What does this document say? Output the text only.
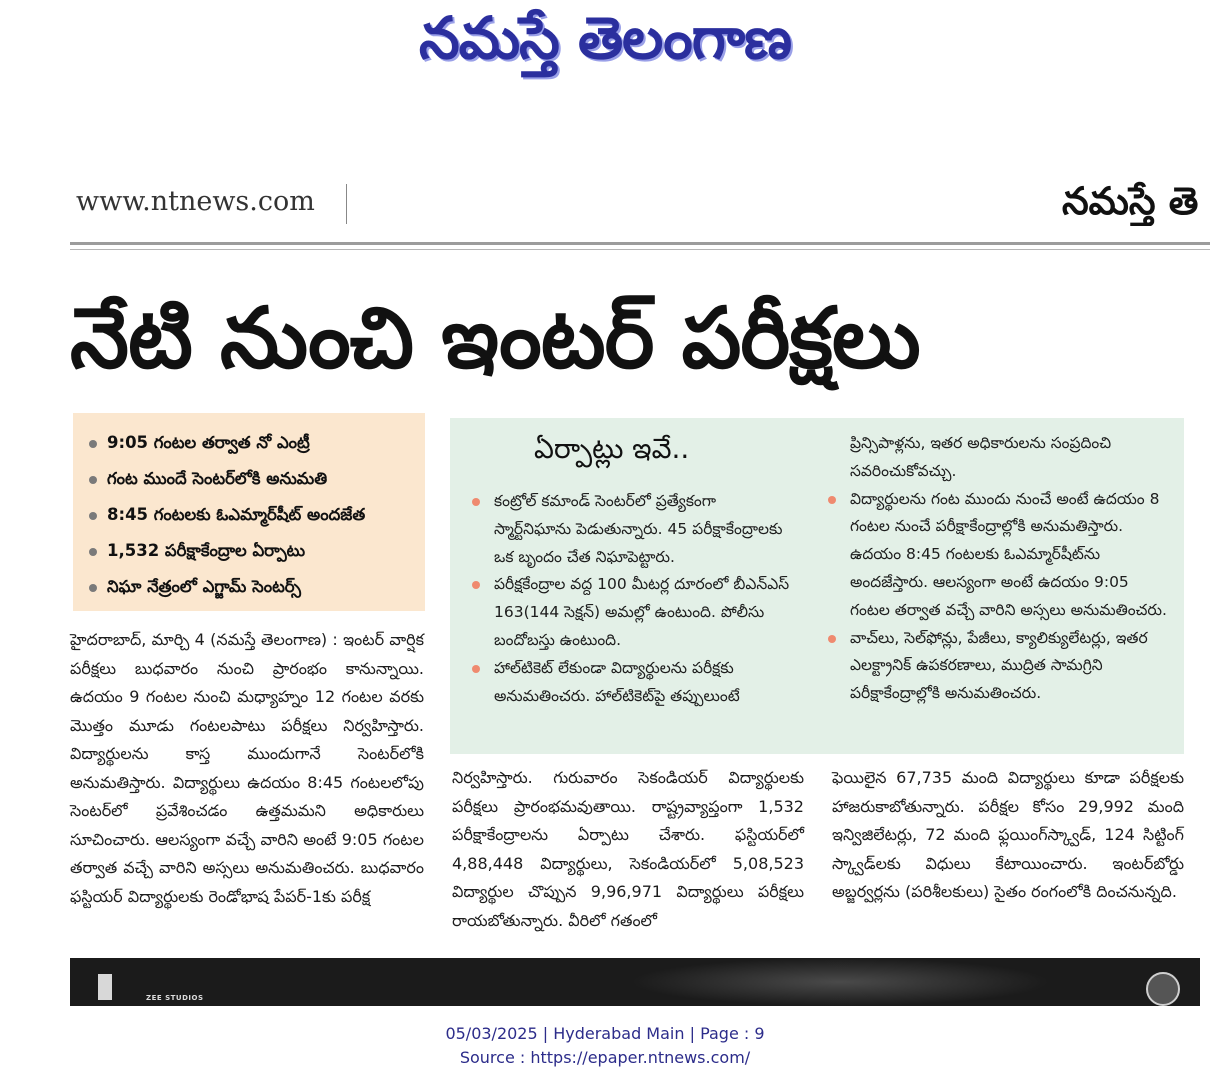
నమస్తే తెలంగాణ
www.ntnews.com	నమస్తే తె
నేటి నుంచి ఇంటర్ పరీక్షలు
9:05 గంటల తర్వాత నో ఎంట్రీ
గంట ముందే సెంటర్‌లోకి అనుమతి
8:45 గంటలకు ఓఎమ్మార్‌షీట్ అందజేత
1,532 పరీక్షాకేంద్రాల ఏర్పాటు
నిఘా నేత్రంలో ఎగ్జామ్ సెంటర్స్
ఏర్పాట్లు ఇవే..

కంట్రోల్ కమాండ్ సెంటర్‌లో ప్రత్యేకంగా స్మార్ట్‌నిఘాను పెడుతున్నారు. 45 పరీక్షాకేంద్రాలకు ఒక బృందం చేత నిఘాపెట్టారు.

పరీక్షకేంద్రాల వద్ద 100 మీటర్ల దూరంలో బీఎన్ఎస్ 163(144 సెక్షన్) అమల్లో ఉంటుంది. పోలీసు బందోబస్తు ఉంటుంది.

హాల్‌టికెట్ లేకుండా విద్యార్థులను పరీక్షకు అనుమతించరు. హాల్‌టికెట్‌పై తప్పులుంటే

ప్రిన్సిపాళ్లను, ఇతర అధికారులను సంప్రదించి సవరించుకోవచ్చు.

విద్యార్థులను గంట ముందు నుంచే అంటే ఉదయం 8 గంటల నుంచే పరీక్షాకేంద్రాల్లోకి అనుమతిస్తారు. ఉదయం 8:45 గంటలకు ఓఎమ్మార్‌షీట్‌ను అందజేస్తారు. ఆలస్యంగా అంటే ఉదయం 9:05 గంటల తర్వాత వచ్చే వారిని అస్సలు అనుమతించరు.

వాచ్‌లు, సెల్‌ఫోన్లు, పేజీలు, క్యాలిక్యులేటర్లు, ఇతర ఎలక్ట్రానిక్ ఉపకరణాలు, ముద్రిత సామగ్రిని పరీక్షాకేంద్రాల్లోకి అనుమతించరు.

హైదరాబాద్, మార్చి 4 (నమస్తే తెలంగాణ) : ఇంటర్ వార్షిక పరీక్షలు బుధవారం నుంచి ప్రారంభం కానున్నాయి. ఉదయం 9 గంటల నుంచి మధ్యాహ్నం 12 గంటల వరకు మొత్తం మూడు గంటలపాటు పరీక్షలు నిర్వహిస్తారు. విద్యార్థులను కాస్త ముందుగానే సెంటర్‌లోకి అనుమతిస్తారు. విద్యార్థులు ఉదయం 8:45 గంటలలోపు సెంటర్‌లో ప్రవేశించడం ఉత్తమమని అధికారులు సూచించారు. ఆలస్యంగా వచ్చే వారిని అంటే 9:05 గంటల తర్వాత వచ్చే వారిని అస్సలు అనుమతించరు. బుధవారం ఫస్టియర్ విద్యార్థులకు రెండోభాష పేపర్-1కు పరీక్ష

నిర్వహిస్తారు. గురువారం సెకండియర్ విద్యార్థులకు పరీక్షలు ప్రారంభమవుతాయి. రాష్ట్రవ్యాప్తంగా 1,532 పరీక్షాకేంద్రాలను ఏర్పాటు చేశారు. ఫస్టియర్‌లో 4,88,448 విద్యార్థులు, సెకండియర్‌లో 5,08,523 విద్యార్థుల చొప్పున 9,96,971 విద్యార్థులు పరీక్షలు రాయబోతున్నారు. వీరిలో గతంలో

ఫెయిలైన 67,735 మంది విద్యార్థులు కూడా పరీక్షలకు హాజరుకాబోతున్నారు. పరీక్షల కోసం 29,992 మంది ఇన్విజిలేటర్లు, 72 మంది ఫ్లయింగ్‌స్క్వాడ్, 124 సిట్టింగ్ స్క్వాడ్‌లకు విధులు కేటాయించారు. ఇంటర్‌బోర్డు అబ్జర్వర్లను (పరిశీలకులు) సైతం రంగంలోకి దించనున్నది.

ZEE STUDIOS
05/03/2025 | Hyderabad Main | Page : 9
Source : https://epaper.ntnews.com/
